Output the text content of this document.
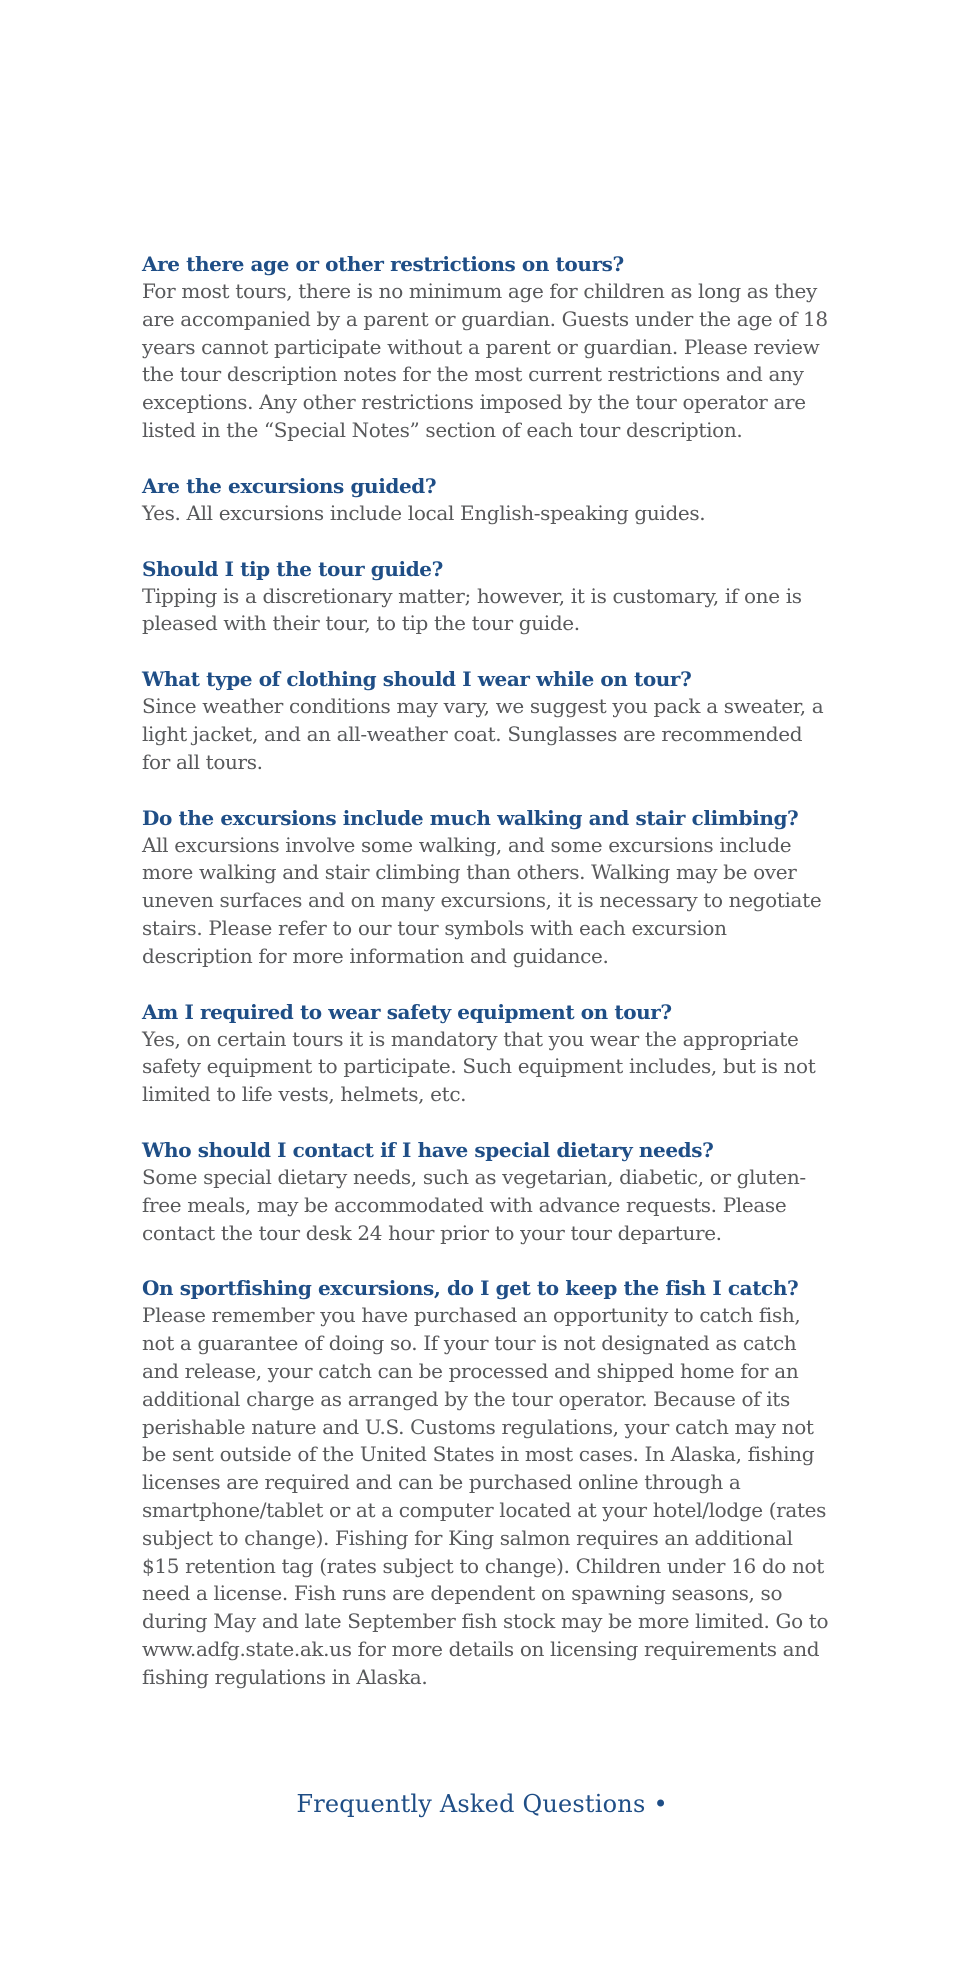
Are there age or other restrictions on tours?

For most tours, there is no minimum age for children as long as they are accompanied by a parent or guardian. Guests under the age of 18 years cannot participate without a parent or guardian. Please review the tour description notes for the most current restrictions and any exceptions. Any other restrictions imposed by the tour operator are listed in the “Special Notes” section of each tour description.

Are the excursions guided?

Yes. All excursions include local English-speaking guides.

Should I tip the tour guide?

Tipping is a discretionary matter; however, it is customary, if one is pleased with their tour, to tip the tour guide.

What type of clothing should I wear while on tour?

Since weather conditions may vary, we suggest you pack a sweater, a light jacket, and an all-weather coat. Sunglasses are recommended for all tours.

Do the excursions include much walking and stair climbing?

All excursions involve some walking, and some excursions include more walking and stair climbing than others. Walking may be over uneven surfaces and on many excursions, it is necessary to negotiate stairs. Please refer to our tour symbols with each excursion description for more information and guidance.

Am I required to wear safety equipment on tour?

Yes, on certain tours it is mandatory that you wear the appropriate safety equipment to participate. Such equipment includes, but is not limited to life vests, helmets, etc.

Who should I contact if I have special dietary needs?

Some special dietary needs, such as vegetarian, diabetic, or gluten-free meals, may be accommodated with advance requests. Please contact the tour desk 24 hour prior to your tour departure.

On sportfishing excursions, do I get to keep the fish I catch?

Please remember you have purchased an opportunity to catch fish, not a guarantee of doing so. If your tour is not designated as catch and release, your catch can be processed and shipped home for an additional charge as arranged by the tour operator. Because of its perishable nature and U.S. Customs regulations, your catch may not be sent outside of the United States in most cases. In Alaska, fishing licenses are required and can be purchased online through a smartphone/tablet or at a computer located at your hotel/lodge (rates subject to change). Fishing for King salmon requires an additional $15 retention tag (rates subject to change). Children under 16 do not need a license. Fish runs are dependent on spawning seasons, so during May and late September fish stock may be more limited. Go to www.adfg.state.ak.us for more details on licensing requirements and fishing regulations in Alaska.

Frequently Asked Questions •
